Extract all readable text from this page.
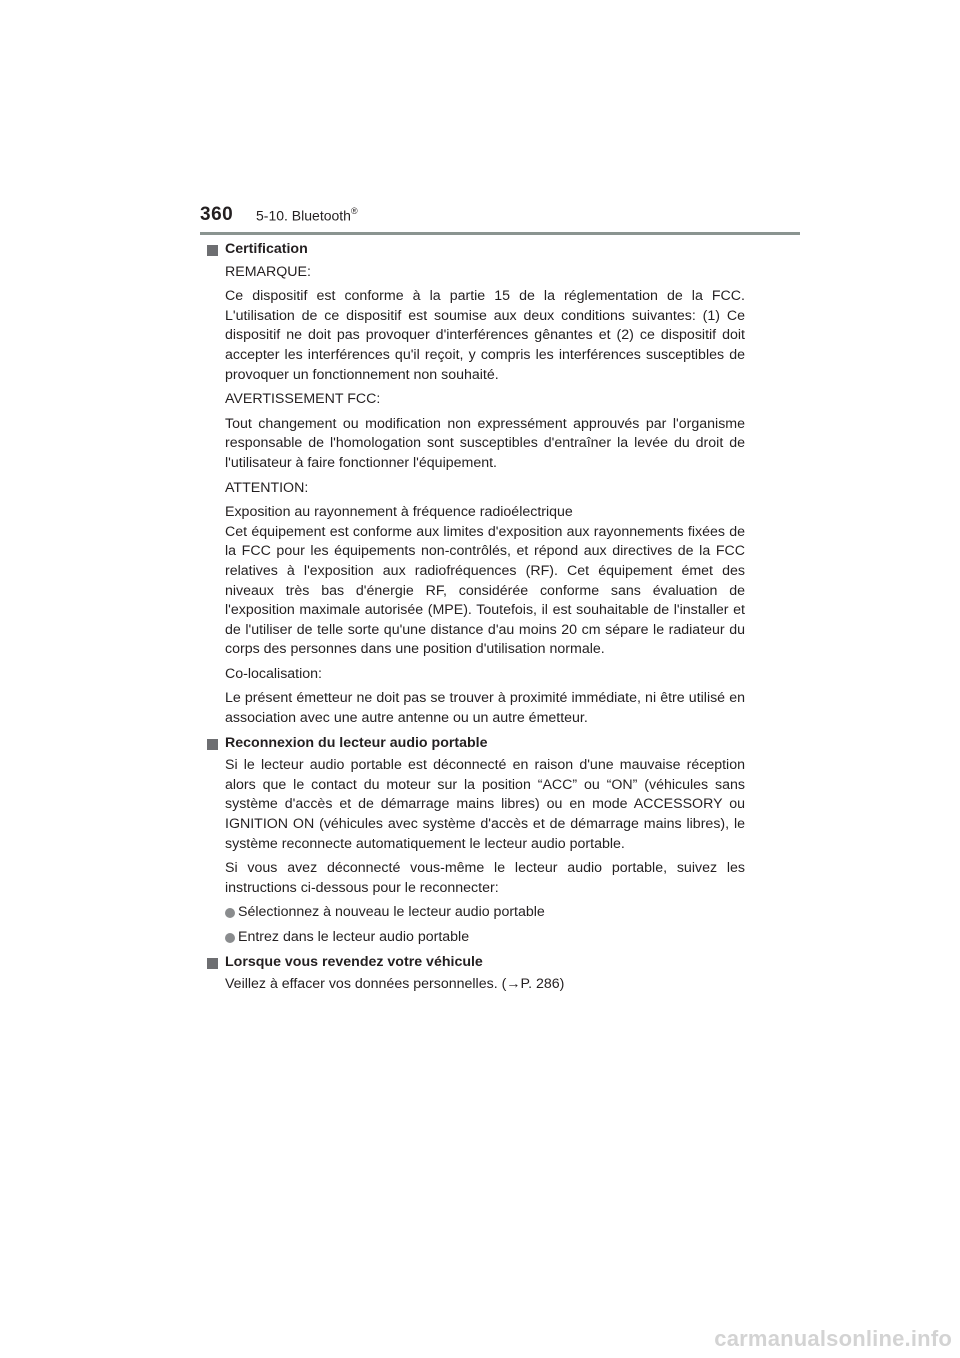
360 5-10. Bluetooth®
Certification
REMARQUE:
Ce dispositif est conforme à la partie 15 de la réglementation de la FCC. L'utilisation de ce dispositif est soumise aux deux conditions suivantes: (1) Ce dispositif ne doit pas provoquer d'interférences gênantes et (2) ce dispositif doit accepter les interférences qu'il reçoit, y compris les interférences susceptibles de provoquer un fonctionnement non souhaité.
AVERTISSEMENT FCC:
Tout changement ou modification non expressément approuvés par l'organisme responsable de l'homologation sont susceptibles d'entraîner la levée du droit de l'utilisateur à faire fonctionner l'équipement.
ATTENTION:
Exposition au rayonnement à fréquence radioélectrique
Cet équipement est conforme aux limites d'exposition aux rayonnements fixées de la FCC pour les équipements non-contrôlés, et répond aux directives de la FCC relatives à l'exposition aux radiofréquences (RF). Cet équipement émet des niveaux très bas d'énergie RF, considérée conforme sans évaluation de l'exposition maximale autorisée (MPE). Toutefois, il est souhaitable de l'installer et de l'utiliser de telle sorte qu'une distance d'au moins 20 cm sépare le radiateur du corps des personnes dans une position d'utilisation normale.
Co-localisation:
Le présent émetteur ne doit pas se trouver à proximité immédiate, ni être utilisé en association avec une autre antenne ou un autre émetteur.
Reconnexion du lecteur audio portable
Si le lecteur audio portable est déconnecté en raison d'une mauvaise réception alors que le contact du moteur sur la position “ACC” ou “ON” (véhicules sans système d'accès et de démarrage mains libres) ou en mode ACCESSORY ou IGNITION ON (véhicules avec système d'accès et de démarrage mains libres), le système reconnecte automatiquement le lecteur audio portable.
Si vous avez déconnecté vous-même le lecteur audio portable, suivez les instructions ci-dessous pour le reconnecter:
Sélectionnez à nouveau le lecteur audio portable
Entrez dans le lecteur audio portable
Lorsque vous revendez votre véhicule
Veillez à effacer vos données personnelles. (→P. 286)
carmanualsonline.info
